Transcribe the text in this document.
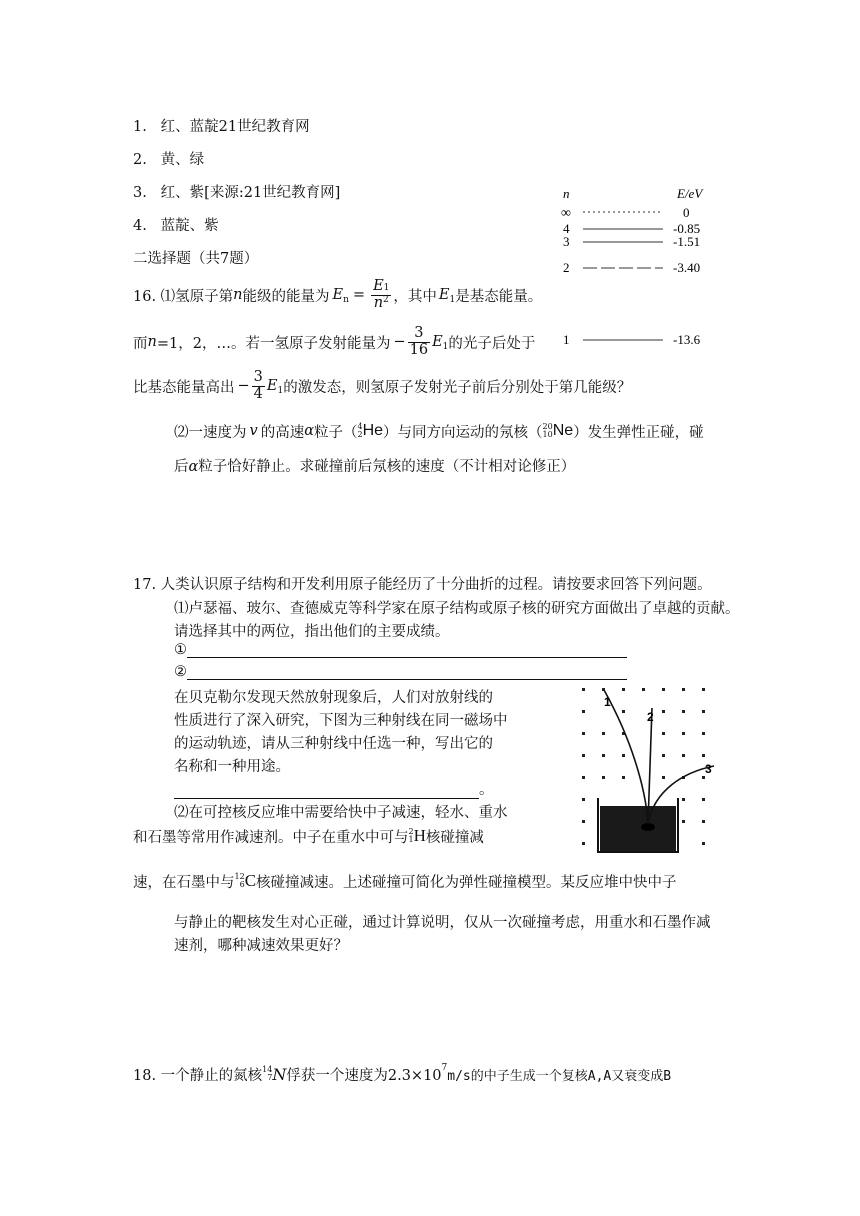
1. 红、蓝靛21世纪教育网
2. 黄、绿
3. 红、紫[来源:21世纪教育网]
4. 蓝靛、紫
二选择题（共7题）
n	E/eV
∞	0
4	-0.85
3	-1.51
2	-3.40
1	-13.6
16. ⑴氢原子第 n 能级的能量为 E $n = \frac{E1}{n^2}$ ，其中 E 1 是基态能量。
而 n =1，2，…。若一氢原子发射能量为 − $\frac{3}{16}$ E 1 的光子后处于
比基态能量高出 − $\frac{3}{4}$ E 1 的激发态，则氢原子发射光子前后分别处于第几能级？
⑵一速度为 v 的高速 α 粒子（ 4
2 He ）与同方向运动的氖核（ 20
10 Ne ）发生弹性正碰，碰
后α粒子恰好静止。求碰撞前后氖核的速度（不计相对论修正）
17. 人类认识原子结构和开发利用原子能经历了十分曲折的过程。请按要求回答下列问题。
⑴卢瑟福、玻尔、查德威克等科学家在原子结构或原子核的研究方面做出了卓越的贡献。
请选择其中的两位，指出他们的主要成绩。
①
②
在贝克勒尔发现天然放射现象后，人们对放射线的
性质进行了深入研究，下图为三种射线在同一磁场中
的运动轨迹，请从三种射线中任选一种，写出它的
名称和一种用途。
。
1
2
3
⑵在可控核反应堆中需要给快中子减速，轻水、重水
和石墨等常用作减速剂。中子在重水中可与 2
1 H 核碰撞减
速，在石墨中与 12
6 C 核碰撞减速。上述碰撞可简化为弹性碰撞模型。某反应堆中快中子
与静止的靶核发生对心正碰，通过计算说明，仅从一次碰撞考虑，用重水和石墨作减
速剂，哪种减速效果更好？
18. 一个静止的氮核 14
7 N 俘获一个速度为2.3×10 7
m/s的中子生成一个复核A,A又衰变成B
